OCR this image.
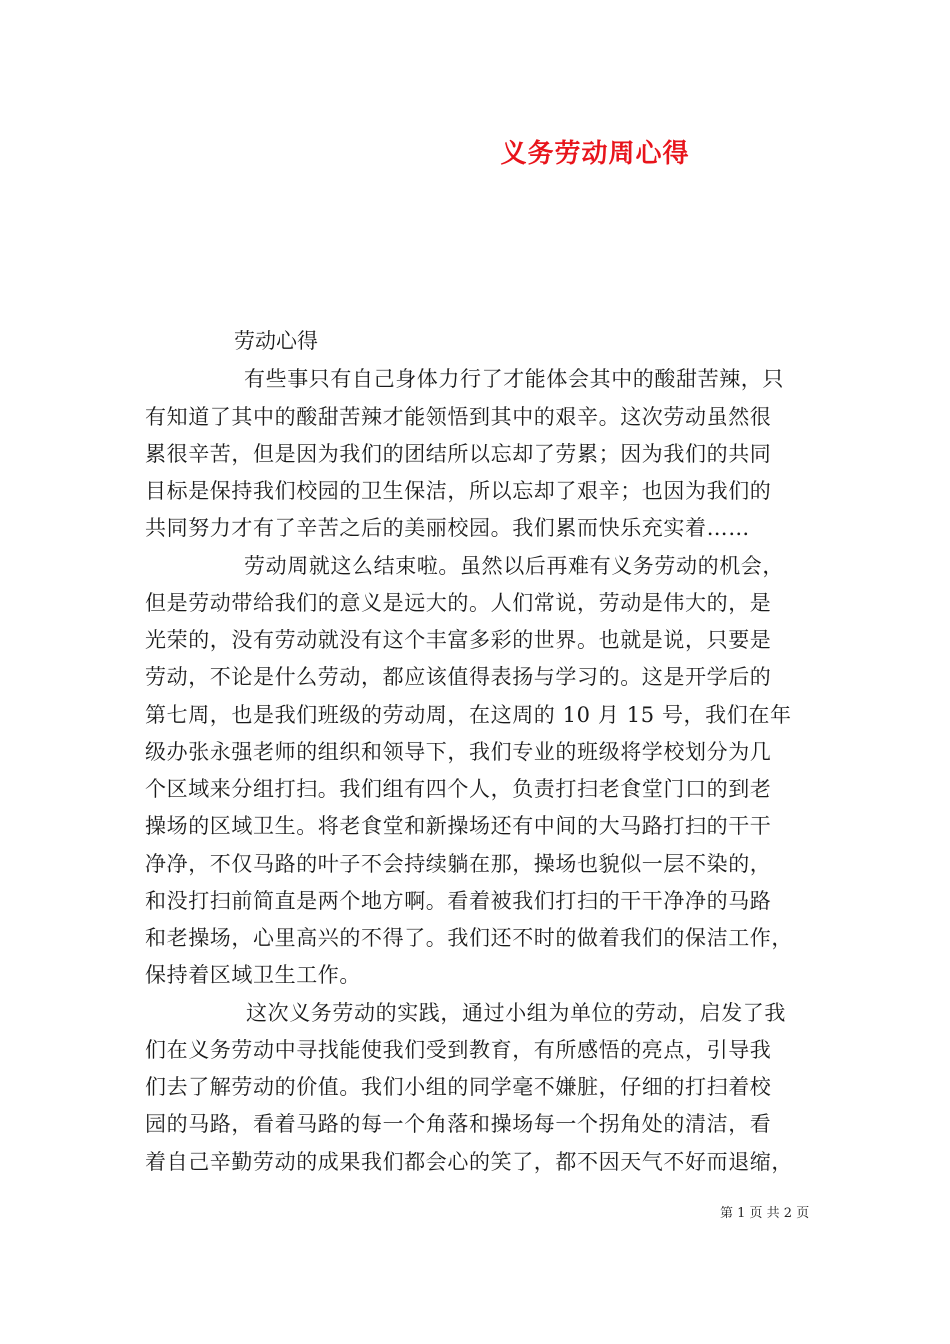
义务劳动周心得
劳动心得
有些事只有自己身体力行了才能体会其中的酸甜苦辣，只
有知道了其中的酸甜苦辣才能领悟到其中的艰辛。这次劳动虽然很
累很辛苦，但是因为我们的团结所以忘却了劳累；因为我们的共同
目标是保持我们校园的卫生保洁，所以忘却了艰辛；也因为我们的
共同努力才有了辛苦之后的美丽校园。我们累而快乐充实着……
劳动周就这么结束啦。虽然以后再难有义务劳动的机会，
但是劳动带给我们的意义是远大的。人们常说，劳动是伟大的，是
光荣的，没有劳动就没有这个丰富多彩的世界。也就是说，只要是
劳动，不论是什么劳动，都应该值得表扬与学习的。这是开学后的
第七周，也是我们班级的劳动周，在这周的 10 月 15 号，我们在年
级办张永强老师的组织和领导下，我们专业的班级将学校划分为几
个区域来分组打扫。我们组有四个人，负责打扫老食堂门口的到老
操场的区域卫生。将老食堂和新操场还有中间的大马路打扫的干干
净净，不仅马路的叶子不会持续躺在那，操场也貌似一层不染的，
和没打扫前简直是两个地方啊。看着被我们打扫的干干净净的马路
和老操场，心里高兴的不得了。我们还不时的做着我们的保洁工作，
保持着区域卫生工作。
这次义务劳动的实践，通过小组为单位的劳动，启发了我
们在义务劳动中寻找能使我们受到教育，有所感悟的亮点，引导我
们去了解劳动的价值。我们小组的同学毫不嫌脏，仔细的打扫着校
园的马路，看着马路的每一个角落和操场每一个拐角处的清洁，看
着自己辛勤劳动的成果我们都会心的笑了，都不因天气不好而退缩，
第 1 页 共 2 页
